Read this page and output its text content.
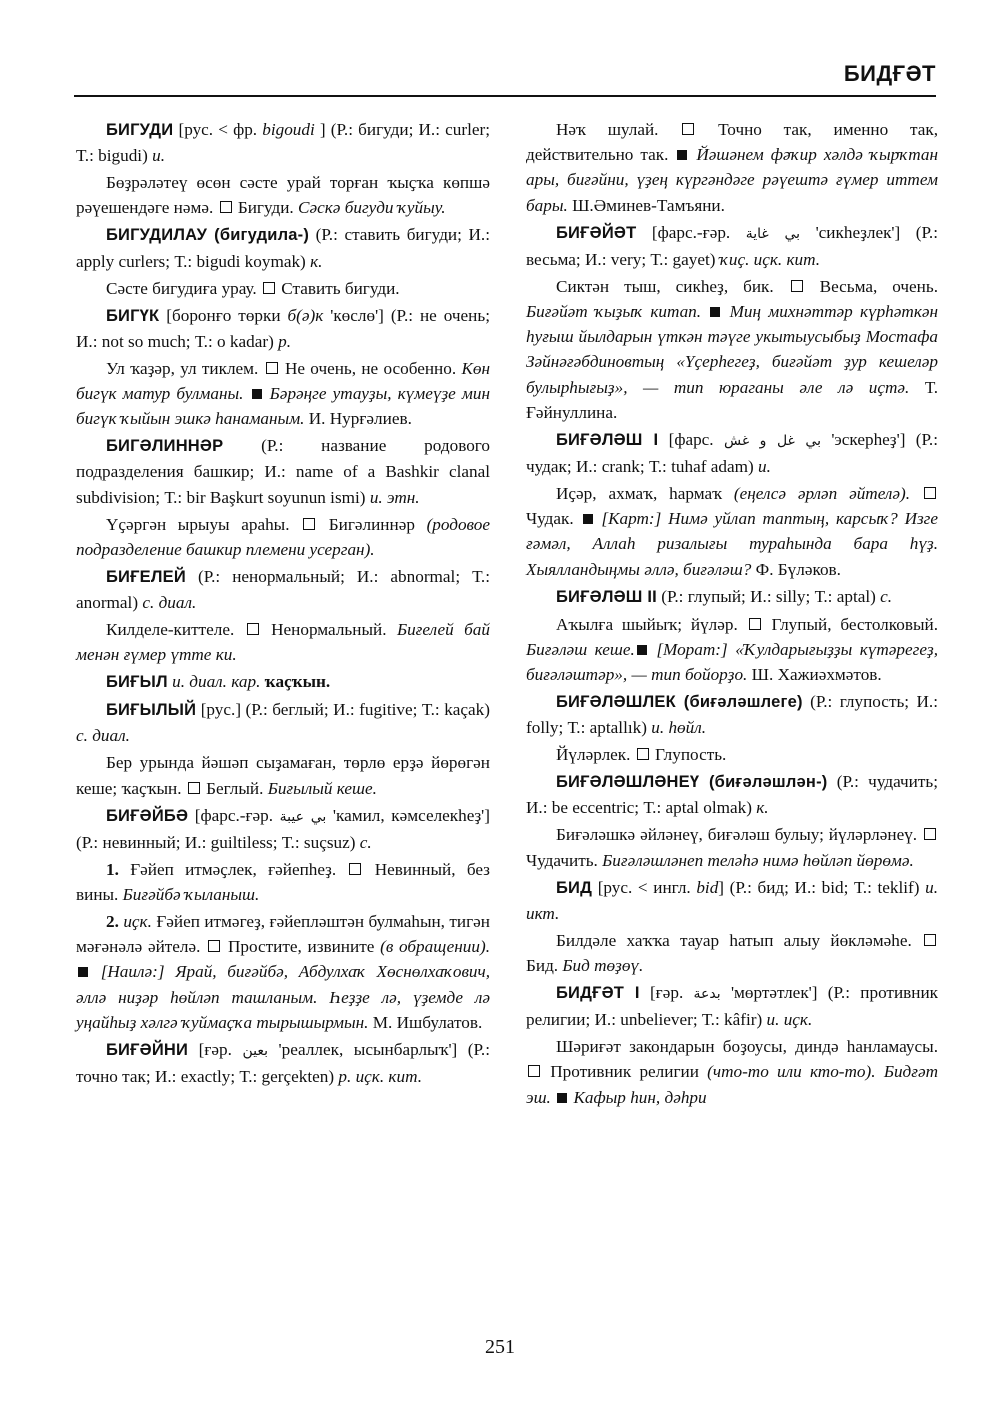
БИДҒӘТ

БИГУДИ [рус. < фр. bigoudi ] (Р.: бигуди; И.: curler; Т.: bigudi) и.

Бөҙрәләтеү өсөн сәсте урай торған ҡыҫҡа көпшә рәүешендәге нәмә.  Бигуди. Сәскә бигуди ҡуйыу.

БИГУДИЛАУ (бигудила-) (Р.: ставить бигуди; И.: apply curlers; Т.: bigudi koymak) к.

Сәсте бигудиға урау.  Ставить бигуди.

БИГҮК [боронғо төрки б(ә)к 'көслө'] (Р.: не очень; И.: not so much; Т.: o kadar) р.

Ул ҡаҙәр, ул тиклем.  Не очень, не особенно. Көн бигүк матур булманы. Бәрәңге утауҙы, күмеүҙе мин бигүк ҡыйын эшкә һанаманым. И. Нурғәлиев.

БИГӘЛИННӘР (Р.: название родового подразделения башкир; И.: name of a Bashkir clanal subdivision; Т.: bir Başkurt soyunun ismi) и. этн.

Үҫәргән ырыуы араһы.  Бигәлиннәр (родовое подразделение башкир племени усерган).

БИҒЕЛЕЙ (Р.: ненормальный; И.: abnormal; Т.: anormal) с. диал.

Килделе-киттеле.  Ненормальный. Биғелей бай менән ғүмер үтте ки.

БИҒЫЛ и. диал. кар. ҡаҫҡын.

БИҒЫЛЫЙ [рус.] (Р.: беглый; И.: fugitive; Т.: kaçak) с. диал.

Бер урында йәшәп сыҙамаған, төрлө ерҙә йөрөгән кеше; ҡаҫҡын.  Беглый. Биғылый кеше.

БИҒӘЙБӘ [фарс.-ғәр. بي عيبة 'камил, кәмселекһеҙ'] (Р.: невинный; И.: guiltiless; Т.: suçsuz) с.

1. Ғәйеп итмәҫлек, ғәйепһеҙ.  Невинный, без вины. Биғәйбә ҡыланыш.

2. иҫк. Ғәйеп итмәгеҙ, ғәйепләштән булмаһын, тигән мәғәнәлә әйтелә.  Простите, извините (в обращении).  [Наилә:] Ярай, биғәйбә, Абдулхаҡ Хөснөлхаҡович, әллә ниҙәр һөйләп ташланым. Һеҙҙе лә, үҙемде лә уңайһыҙ хәлгә ҡуймаҫҡа тырышырмын. М. Ишбулатов.

БИҒӘЙНИ [ғәр. بعين 'реаллек, ысынбарлыҡ'] (Р.: точно так; И.: exactly; Т.: gerçekten) р. иҫк. кит.

Нәҡ шулай.  Точно так, именно так, действительно так.  Йәшәнем фәҡир хәлдә ҡырҡтан ары, биғәйни, үҙең күргәндәге рәүештә ғүмер иттем бары. Ш.Әминев-Тамъяни.

БИҒӘЙӘТ [фарс.-ғәр. بي غاية 'сикһеҙлек'] (Р.: весьма; И.: very; Т.: gayet) ҡиҫ. иҫк. кит.

Сиктән тыш, сикһеҙ, бик.  Весьма, очень. Биғәйәт ҡыҙыҡ китап. Миң михнәттәр күрһәткән һуғыш йылдарын үткән тәүге укытыусыбыҙ Мостафа Зәйнәғәбдиновтың «Үҫерһегеҙ, биғәйәт ҙур кешеләр булырһығыҙ», — тип юраганы әле лә иҫтә. Т. Ғәйнуллина.

БИҒӘЛӘШ I [фарс. بي غل و غش 'эскерһеҙ'] (Р.: чудак; И.: crank; Т.: tuhaf adam) и.

Иҫәр, ахмаҡ, һармаҡ (еңелсә әрләп әйтелә).  Чудак.  [Карт:] Нимә уйлап таптың, карсыҡ? Изге ғәмәл, Аллаһ ризалығы тураһында бара һүҙ. Хыялландыңмы әллә, биғәләш? Ф. Бүләков.

БИҒӘЛӘШ II (Р.: глупый; И.: silly; Т.: aptal) с.

Аҡылға шыйыҡ; йүләр.  Глупый, бестолковый. Биғәләш кеше. [Морат:] «Ҡулдарығыҙҙы күтәрегеҙ, биғәләштәр», — тип бойорҙо. Ш. Хажиәхмәтов.

БИҒӘЛӘШЛЕК (биғәләшлеге) (Р.: глупость; И.: folly; Т.: aptallık) и. һөйл.

Йүләрлек.  Глупость.

БИҒӘЛӘШЛӘНЕҮ (биғәләшлән-) (Р.: чудачить; И.: be eccentric; Т.: aptal olmak) к.

Биғәләшкә әйләнеү, биғәләш булыу; йүләрләнеү.  Чудачить. Биғәләшләнеп теләһә нимә һөйләп йөрөмә.

БИД [рус. < ингл. bid] (Р.: бид; И.: bid; Т.: teklif) и. икт.

Билдәле хаҡҡа тауар һатып алыу йөкләмәһе.  Бид. Бид төҙөү.

БИДҒӘТ I [ғәр. بدعة 'мөртәтлек'] (Р.: противник религии; И.: unbeliever; Т.: kâfir) и. иҫк.

Шәриғәт закондарын боҙоусы, диндә һанламаусы.  Противник религии (что-то или кто-то). Бидғәт эш. Кафыр һин, дәһри

251
